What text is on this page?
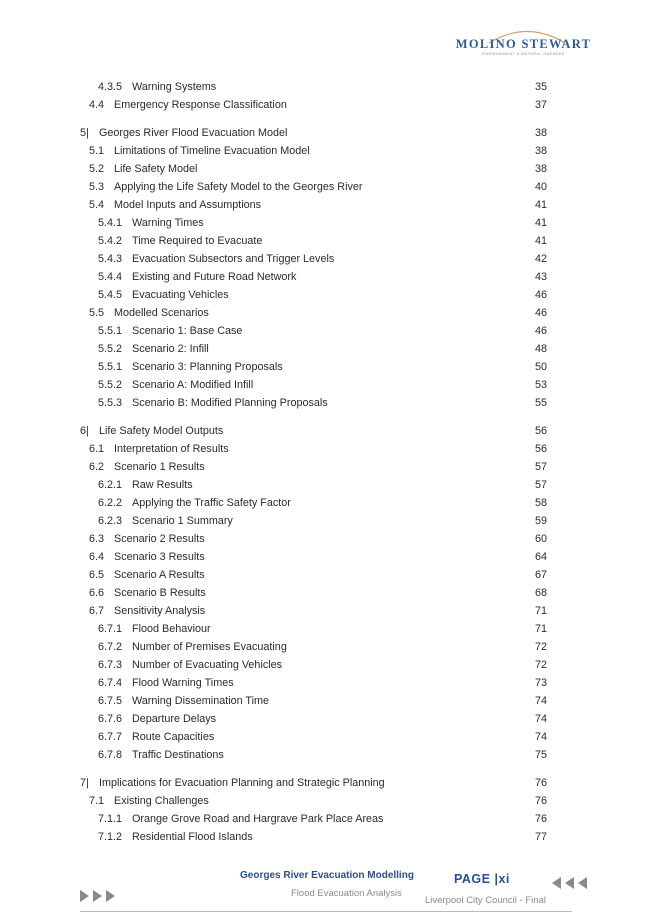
MOLINO STEWART
ENVIRONMENT & NATURAL HAZARDS
4.3.5 Warning Systems	35
4.4 Emergency Response Classification	37
5| Georges River Flood Evacuation Model	38
5.1 Limitations of Timeline Evacuation Model	38
5.2 Life Safety Model	38
5.3 Applying the Life Safety Model to the Georges River	40
5.4 Model Inputs and Assumptions	41
5.4.1 Warning Times	41
5.4.2 Time Required to Evacuate	41
5.4.3 Evacuation Subsectors and Trigger Levels	42
5.4.4 Existing and Future Road Network	43
5.4.5 Evacuating Vehicles	46
5.5 Modelled Scenarios	46
5.5.1 Scenario 1: Base Case	46
5.5.2 Scenario 2: Infill	48
5.5.1 Scenario 3: Planning Proposals	50
5.5.2 Scenario A: Modified Infill	53
5.5.3 Scenario B: Modified Planning Proposals	55
6| Life Safety Model Outputs	56
6.1 Interpretation of Results	56
6.2 Scenario 1 Results	57
6.2.1 Raw Results	57
6.2.2 Applying the Traffic Safety Factor	58
6.2.3 Scenario 1 Summary	59
6.3 Scenario 2 Results	60
6.4 Scenario 3 Results	64
6.5 Scenario A Results	67
6.6 Scenario B Results	68
6.7 Sensitivity Analysis	71
6.7.1 Flood Behaviour	71
6.7.2 Number of Premises Evacuating	72
6.7.3 Number of Evacuating Vehicles	72
6.7.4 Flood Warning Times	73
6.7.5 Warning Dissemination Time	74
6.7.6 Departure Delays	74
6.7.7 Route Capacities	74
6.7.8 Traffic Destinations	75
7| Implications for Evacuation Planning and Strategic Planning	76
7.1 Existing Challenges	76
7.1.1 Orange Grove Road and Hargrave Park Place Areas	76
7.1.2 Residential Flood Islands	77
Georges River Evacuation Modelling	PAGE |xi
Flood Evacuation Analysis
Liverpool City Council - Final
